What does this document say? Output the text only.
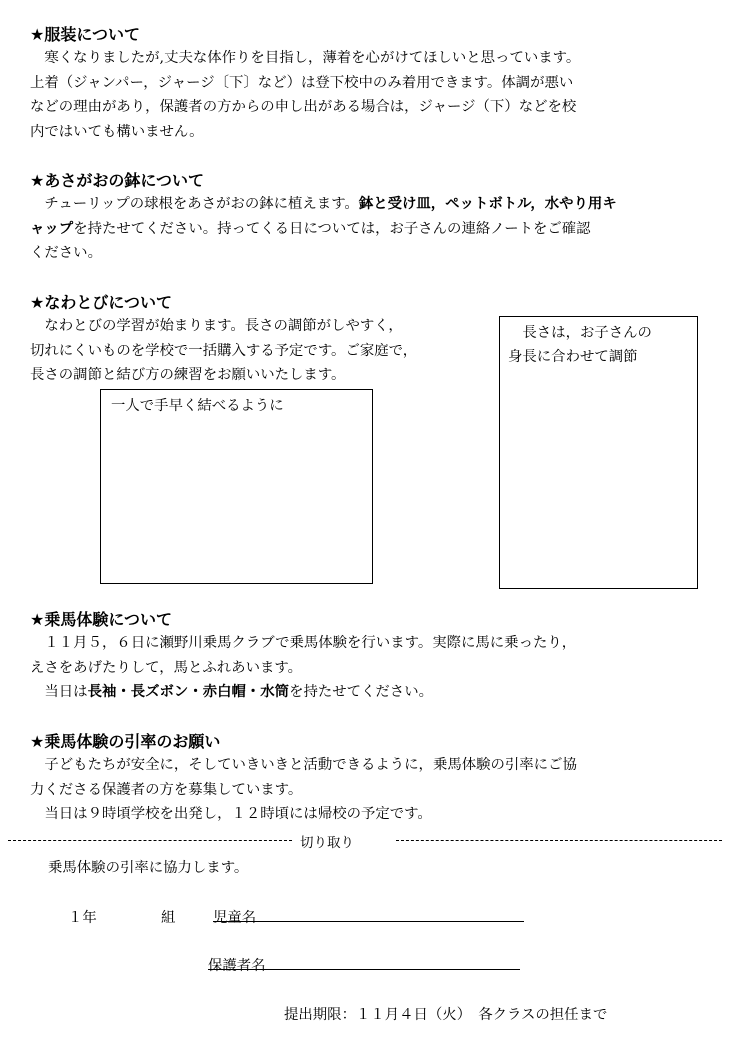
★服装について
　寒くなりましたが,丈夫な体作りを目指し，薄着を心がけてほしいと思っています。
上着（ジャンパー，ジャージ〔下〕など）は登下校中のみ着用できます。体調が悪い
などの理由があり，保護者の方からの申し出がある場合は，ジャージ（下）などを校
内ではいても構いません。
★あさがおの鉢について
　チューリップの球根をあさがおの鉢に植えます。鉢と受け皿，ペットボトル，水やり用キ
ャップを持たせてください。持ってくる日については，お子さんの連絡ノートをご確認
ください。
★なわとびについて
　なわとびの学習が始まります。長さの調節がしやすく，
切れにくいものを学校で一括購入する予定です。ご家庭で，
長さの調節と結び方の練習をお願いいたします。
一人で手早く結べるように
　長さは，お子さんの
身長に合わせて調節
★乗馬体験について
　１１月５，６日に瀬野川乗馬クラブで乗馬体験を行います。実際に馬に乗ったり，
えさをあげたりして，馬とふれあいます。
　当日は長袖・長ズボン・赤白帽・水筒を持たせてください。
★乗馬体験の引率のお願い
　子どもたちが安全に，そしていきいきと活動できるように，乗馬体験の引率にご協
力くださる保護者の方を募集しています。
　当日は９時頃学校を出発し，１２時頃には帰校の予定です。
切り取り
乗馬体験の引率に協力します。
１年	組	児童名
保護者名
提出期限：１１月４日（火）　各クラスの担任まで
